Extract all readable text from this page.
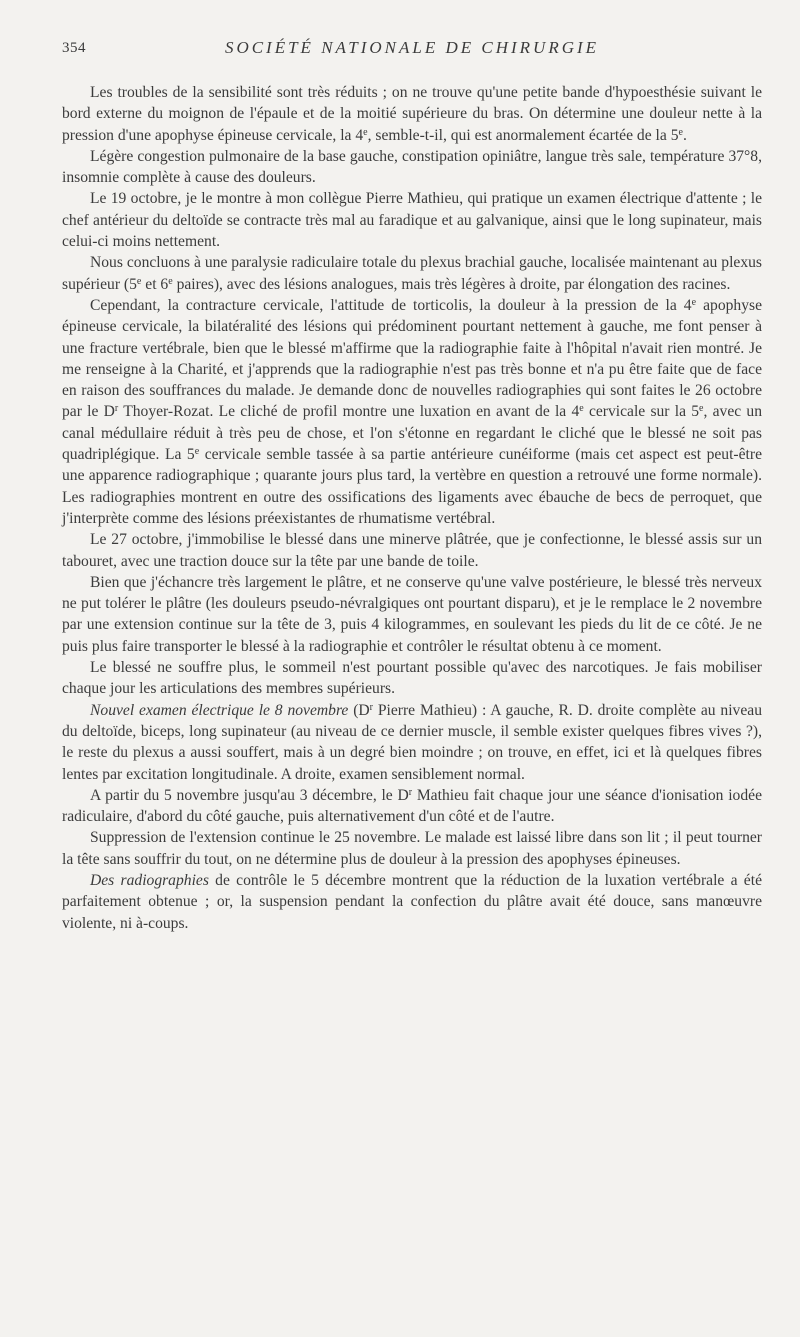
354	SOCIÉTÉ NATIONALE DE CHIRURGIE

Les troubles de la sensibilité sont très réduits ; on ne trouve qu'une petite bande d'hypoesthésie suivant le bord externe du moignon de l'épaule et de la moitié supérieure du bras. On détermine une douleur nette à la pression d'une apophyse épineuse cervicale, la 4e, semble-t-il, qui est anormalement écartée de la 5e.

Légère congestion pulmonaire de la base gauche, constipation opiniâtre, langue très sale, température 37°8, insomnie complète à cause des douleurs.

Le 19 octobre, je le montre à mon collègue Pierre Mathieu, qui pratique un examen électrique d'attente ; le chef antérieur du deltoïde se contracte très mal au faradique et au galvanique, ainsi que le long supinateur, mais celui-ci moins nettement.

Nous concluons à une paralysie radiculaire totale du plexus brachial gauche, localisée maintenant au plexus supérieur (5e et 6e paires), avec des lésions analogues, mais très légères à droite, par élongation des racines.

Cependant, la contracture cervicale, l'attitude de torticolis, la douleur à la pression de la 4e apophyse épineuse cervicale, la bilatéralité des lésions qui prédominent pourtant nettement à gauche, me font penser à une fracture vertébrale, bien que le blessé m'affirme que la radiographie faite à l'hôpital n'avait rien montré. Je me renseigne à la Charité, et j'apprends que la radiographie n'est pas très bonne et n'a pu être faite que de face en raison des souffrances du malade. Je demande donc de nouvelles radiographies qui sont faites le 26 octobre par le $D^r$ Thoyer-Rozat. Le cliché de profil montre une luxation en avant de la 4e cervicale sur la 5e, avec un canal médullaire réduit à très peu de chose, et l'on s'étonne en regardant le cliché que le blessé ne soit pas quadriplégique. La 5e cervicale semble tassée à sa partie antérieure cunéiforme (mais cet aspect est peut-être une apparence radiographique ; quarante jours plus tard, la vertèbre en question a retrouvé une forme normale). Les radiographies montrent en outre des ossifications des ligaments avec ébauche de becs de perroquet, que j'interprète comme des lésions préexistantes de rhumatisme vertébral.

Le 27 octobre, j'immobilise le blessé dans une minerve plâtrée, que je confectionne, le blessé assis sur un tabouret, avec une traction douce sur la tête par une bande de toile.

Bien que j'échancre très largement le plâtre, et ne conserve qu'une valve postérieure, le blessé très nerveux ne put tolérer le plâtre (les douleurs pseudo-névralgiques ont pourtant disparu), et je le remplace le 2 novembre par une extension continue sur la tête de 3, puis 4 kilogrammes, en soulevant les pieds du lit de ce côté. Je ne puis plus faire transporter le blessé à la radiographie et contrôler le résultat obtenu à ce moment.

Le blessé ne souffre plus, le sommeil n'est pourtant possible qu'avec des narcotiques. Je fais mobiliser chaque jour les articulations des membres supérieurs.

Nouvel examen électrique le 8 novembre ($D^r$ Pierre Mathieu) : A gauche, R. D. droite complète au niveau du deltoïde, biceps, long supinateur (au niveau de ce dernier muscle, il semble exister quelques fibres vives ?), le reste du plexus a aussi souffert, mais à un degré bien moindre ; on trouve, en effet, ici et là quelques fibres lentes par excitation longitudinale. A droite, examen sensiblement normal.

A partir du 5 novembre jusqu'au 3 décembre, le $D^r$ Mathieu fait chaque jour une séance d'ionisation iodée radiculaire, d'abord du côté gauche, puis alternativement d'un côté et de l'autre.

Suppression de l'extension continue le 25 novembre. Le malade est laissé libre dans son lit ; il peut tourner la tête sans souffrir du tout, on ne détermine plus de douleur à la pression des apophyses épineuses.

Des radiographies de contrôle le 5 décembre montrent que la réduction de la luxation vertébrale a été parfaitement obtenue ; or, la suspension pendant la confection du plâtre avait été douce, sans manœuvre violente, ni à-coups.
